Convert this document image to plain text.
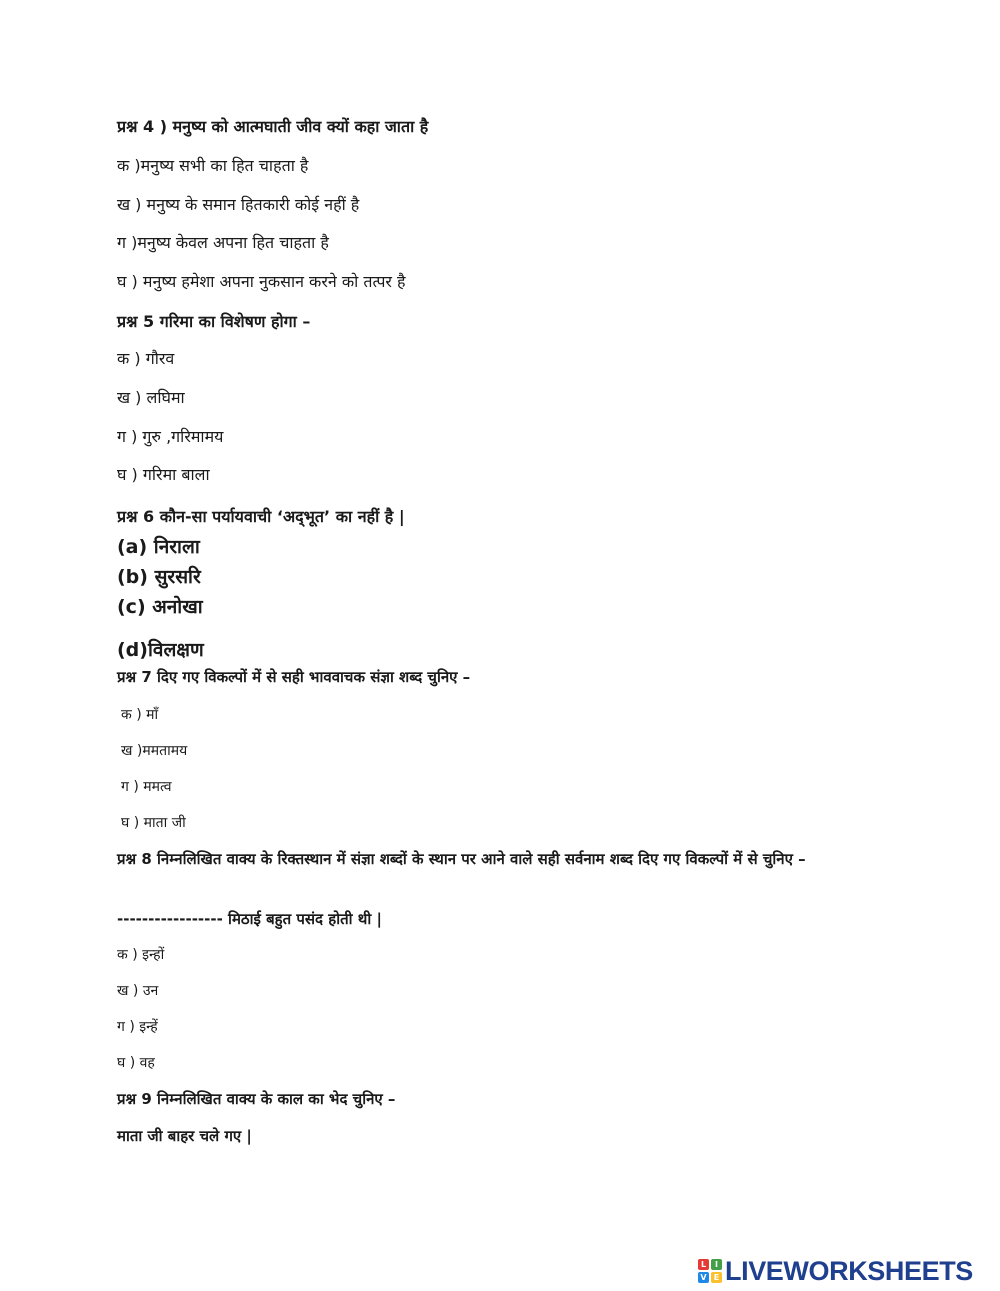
प्रश्न 4 ) मनुष्य को आत्मघाती जीव क्यों कहा जाता है
क )मनुष्य सभी का हित चाहता है
ख ) मनुष्य के समान हितकारी कोई नहीं है
ग )मनुष्य केवल अपना हित चाहता है
घ ) मनुष्य हमेशा अपना नुकसान करने को तत्पर है
प्रश्न 5 गरिमा का विशेषण होगा –
क ) गौरव
ख ) लघिमा
ग ) गुरु ,गरिमामय
घ ) गरिमा बाला
प्रश्न 6 कौन-सा पर्यायवाची ‘अद्‌भूत’ का नहीं है |
(a) निराला
(b) सुरसरि
(c) अनोखा
(d)विलक्षण
प्रश्न 7 दिए गए विकल्पों में से सही भाववाचक संज्ञा शब्द चुनिए –
क ) माँ
ख )ममतामय
ग ) ममत्व
घ ) माता जी
प्रश्न 8 निम्नलिखित वाक्य के रिक्तस्थान में संज्ञा शब्दों के स्थान पर आने वाले सही सर्वनाम शब्द दिए गए विकल्पों में से चुनिए –
----------------- मिठाई बहुत पसंद होती थी |
क ) इन्हों
ख ) उन
ग ) इन्हें
घ ) वह
प्रश्न 9 निम्नलिखित वाक्य के काल का भेद चुनिए –
माता जी बाहर चले गए |
L	I
V E LIVEWORKSHEETS
